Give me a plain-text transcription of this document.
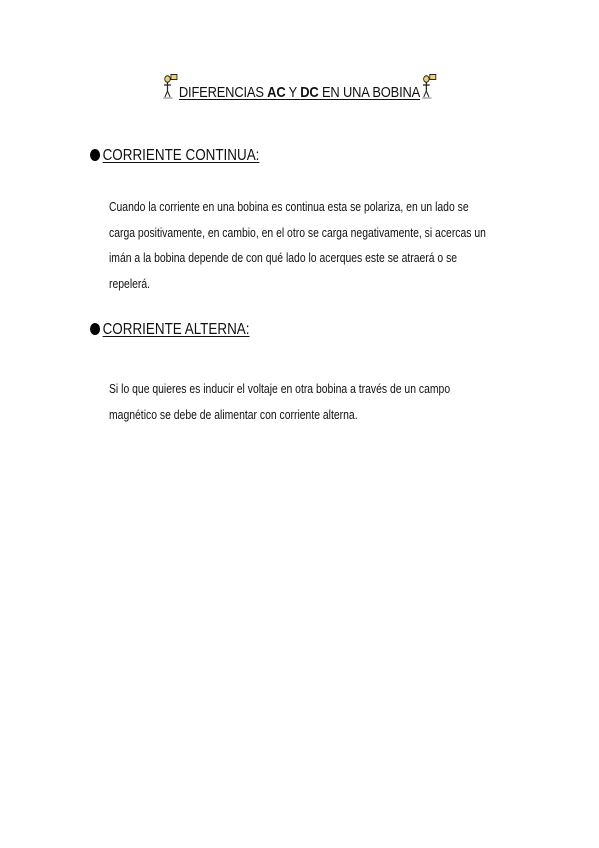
DIFERENCIAS AC Y DC EN UNA BOBINA
CORRIENTE CONTINUA:
Cuando la corriente en una bobina es continua esta se polariza, en un lado se
carga positivamente, en cambio, en el otro se carga negativamente, si acercas un
imán a la bobina depende de con qué lado lo acerques este se atraerá o se
repelerá.
CORRIENTE ALTERNA:
Si lo que quieres es inducir el voltaje en otra bobina a través de un campo
magnético se debe de alimentar con corriente alterna.
